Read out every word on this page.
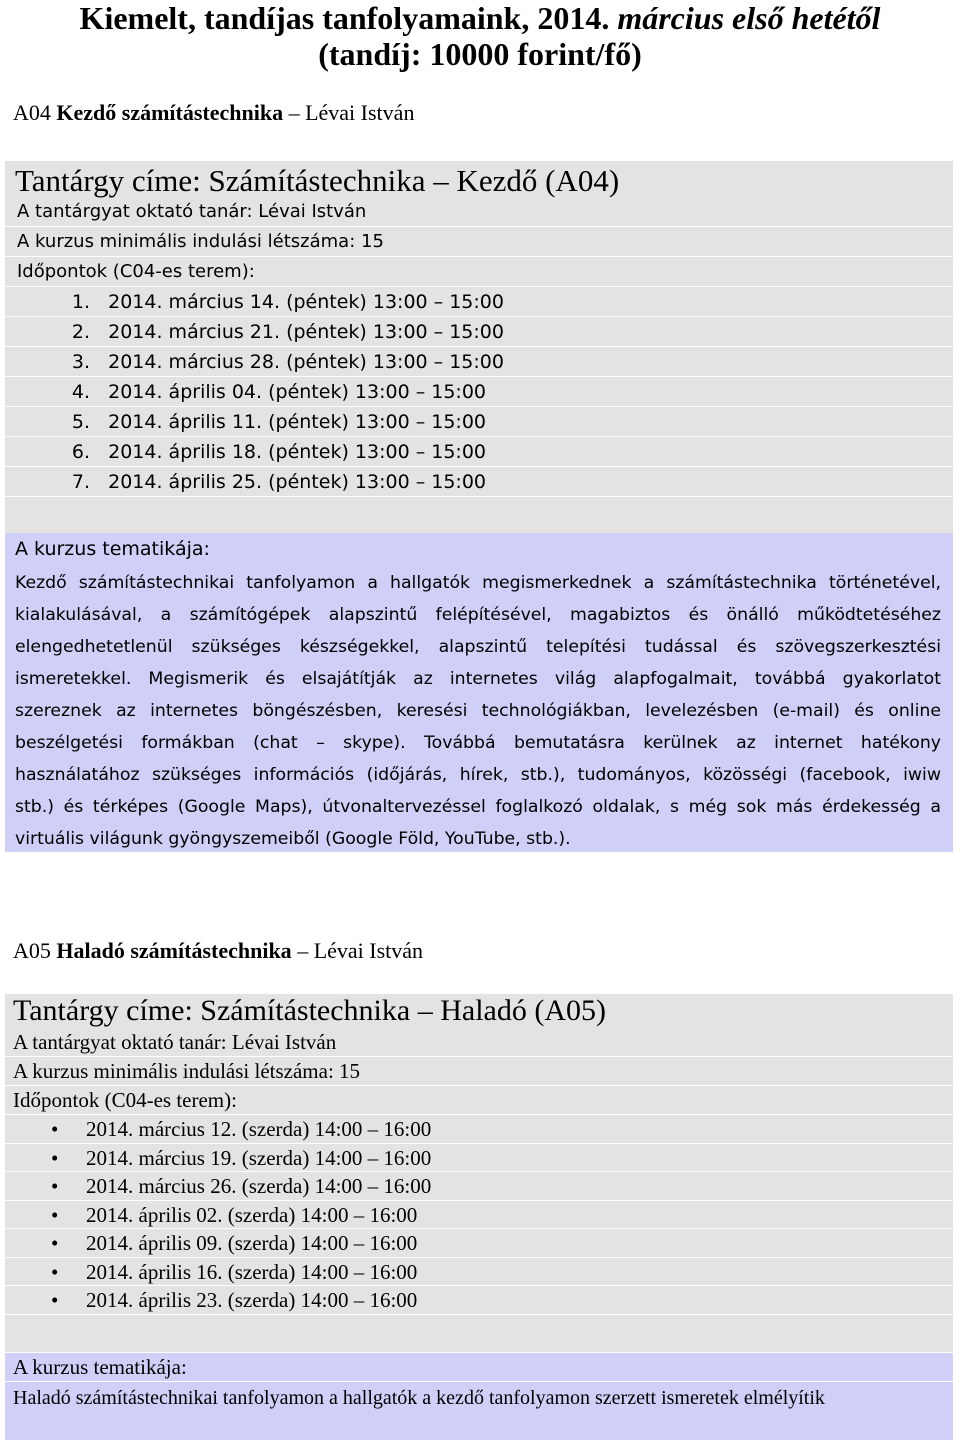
Kiemelt, tandíjas tanfolyamaink, 2014. március első hetétől
(tandíj: 10000 forint/fő)
A04 Kezdő számítástechnika – Lévai István
Tantárgy címe: Számítástechnika – Kezdő (A04)
A tantárgyat oktató tanár: Lévai István
A kurzus minimális indulási létszáma: 15
Időpontok (C04-es terem):
1. 2014. március 14. (péntek) 13:00 – 15:00
2. 2014. március 21. (péntek) 13:00 – 15:00
3. 2014. március 28. (péntek) 13:00 – 15:00
4. 2014. április 04. (péntek) 13:00 – 15:00
5. 2014. április 11. (péntek) 13:00 – 15:00
6. 2014. április 18. (péntek) 13:00 – 15:00
7. 2014. április 25. (péntek) 13:00 – 15:00
A kurzus tematikája:
Kezdő számítástechnikai tanfolyamon a hallgatók megismerkednek a számítástechnika történetével,
kialakulásával, a számítógépek alapszintű felépítésével, magabiztos és önálló működtetéséhez
elengedhetetlenül szükséges készségekkel, alapszintű telepítési tudással és szövegszerkesztési
ismeretekkel. Megismerik és elsajátítják az internetes világ alapfogalmait, továbbá gyakorlatot
szereznek az internetes böngészésben, keresési technológiákban, levelezésben (e-mail) és online
beszélgetési formákban (chat – skype). Továbbá bemutatásra kerülnek az internet hatékony
használatához szükséges információs (időjárás, hírek, stb.), tudományos, közösségi (facebook, iwiw
stb.) és térképes (Google Maps), útvonaltervezéssel foglalkozó oldalak, s még sok más érdekesség a
virtuális világunk gyöngyszemeiből (Google Föld, YouTube, stb.).
A05 Haladó számítástechnika – Lévai István
Tantárgy címe: Számítástechnika – Haladó (A05)
A tantárgyat oktató tanár: Lévai István
A kurzus minimális indulási létszáma: 15
Időpontok (C04-es terem):
• 2014. március 12. (szerda) 14:00 – 16:00
• 2014. március 19. (szerda) 14:00 – 16:00
• 2014. március 26. (szerda) 14:00 – 16:00
• 2014. április 02. (szerda) 14:00 – 16:00
• 2014. április 09. (szerda) 14:00 – 16:00
• 2014. április 16. (szerda) 14:00 – 16:00
• 2014. április 23. (szerda) 14:00 – 16:00
A kurzus tematikája:
Haladó számítástechnikai tanfolyamon a hallgatók a kezdő tanfolyamon szerzett ismeretek elmélyítik
